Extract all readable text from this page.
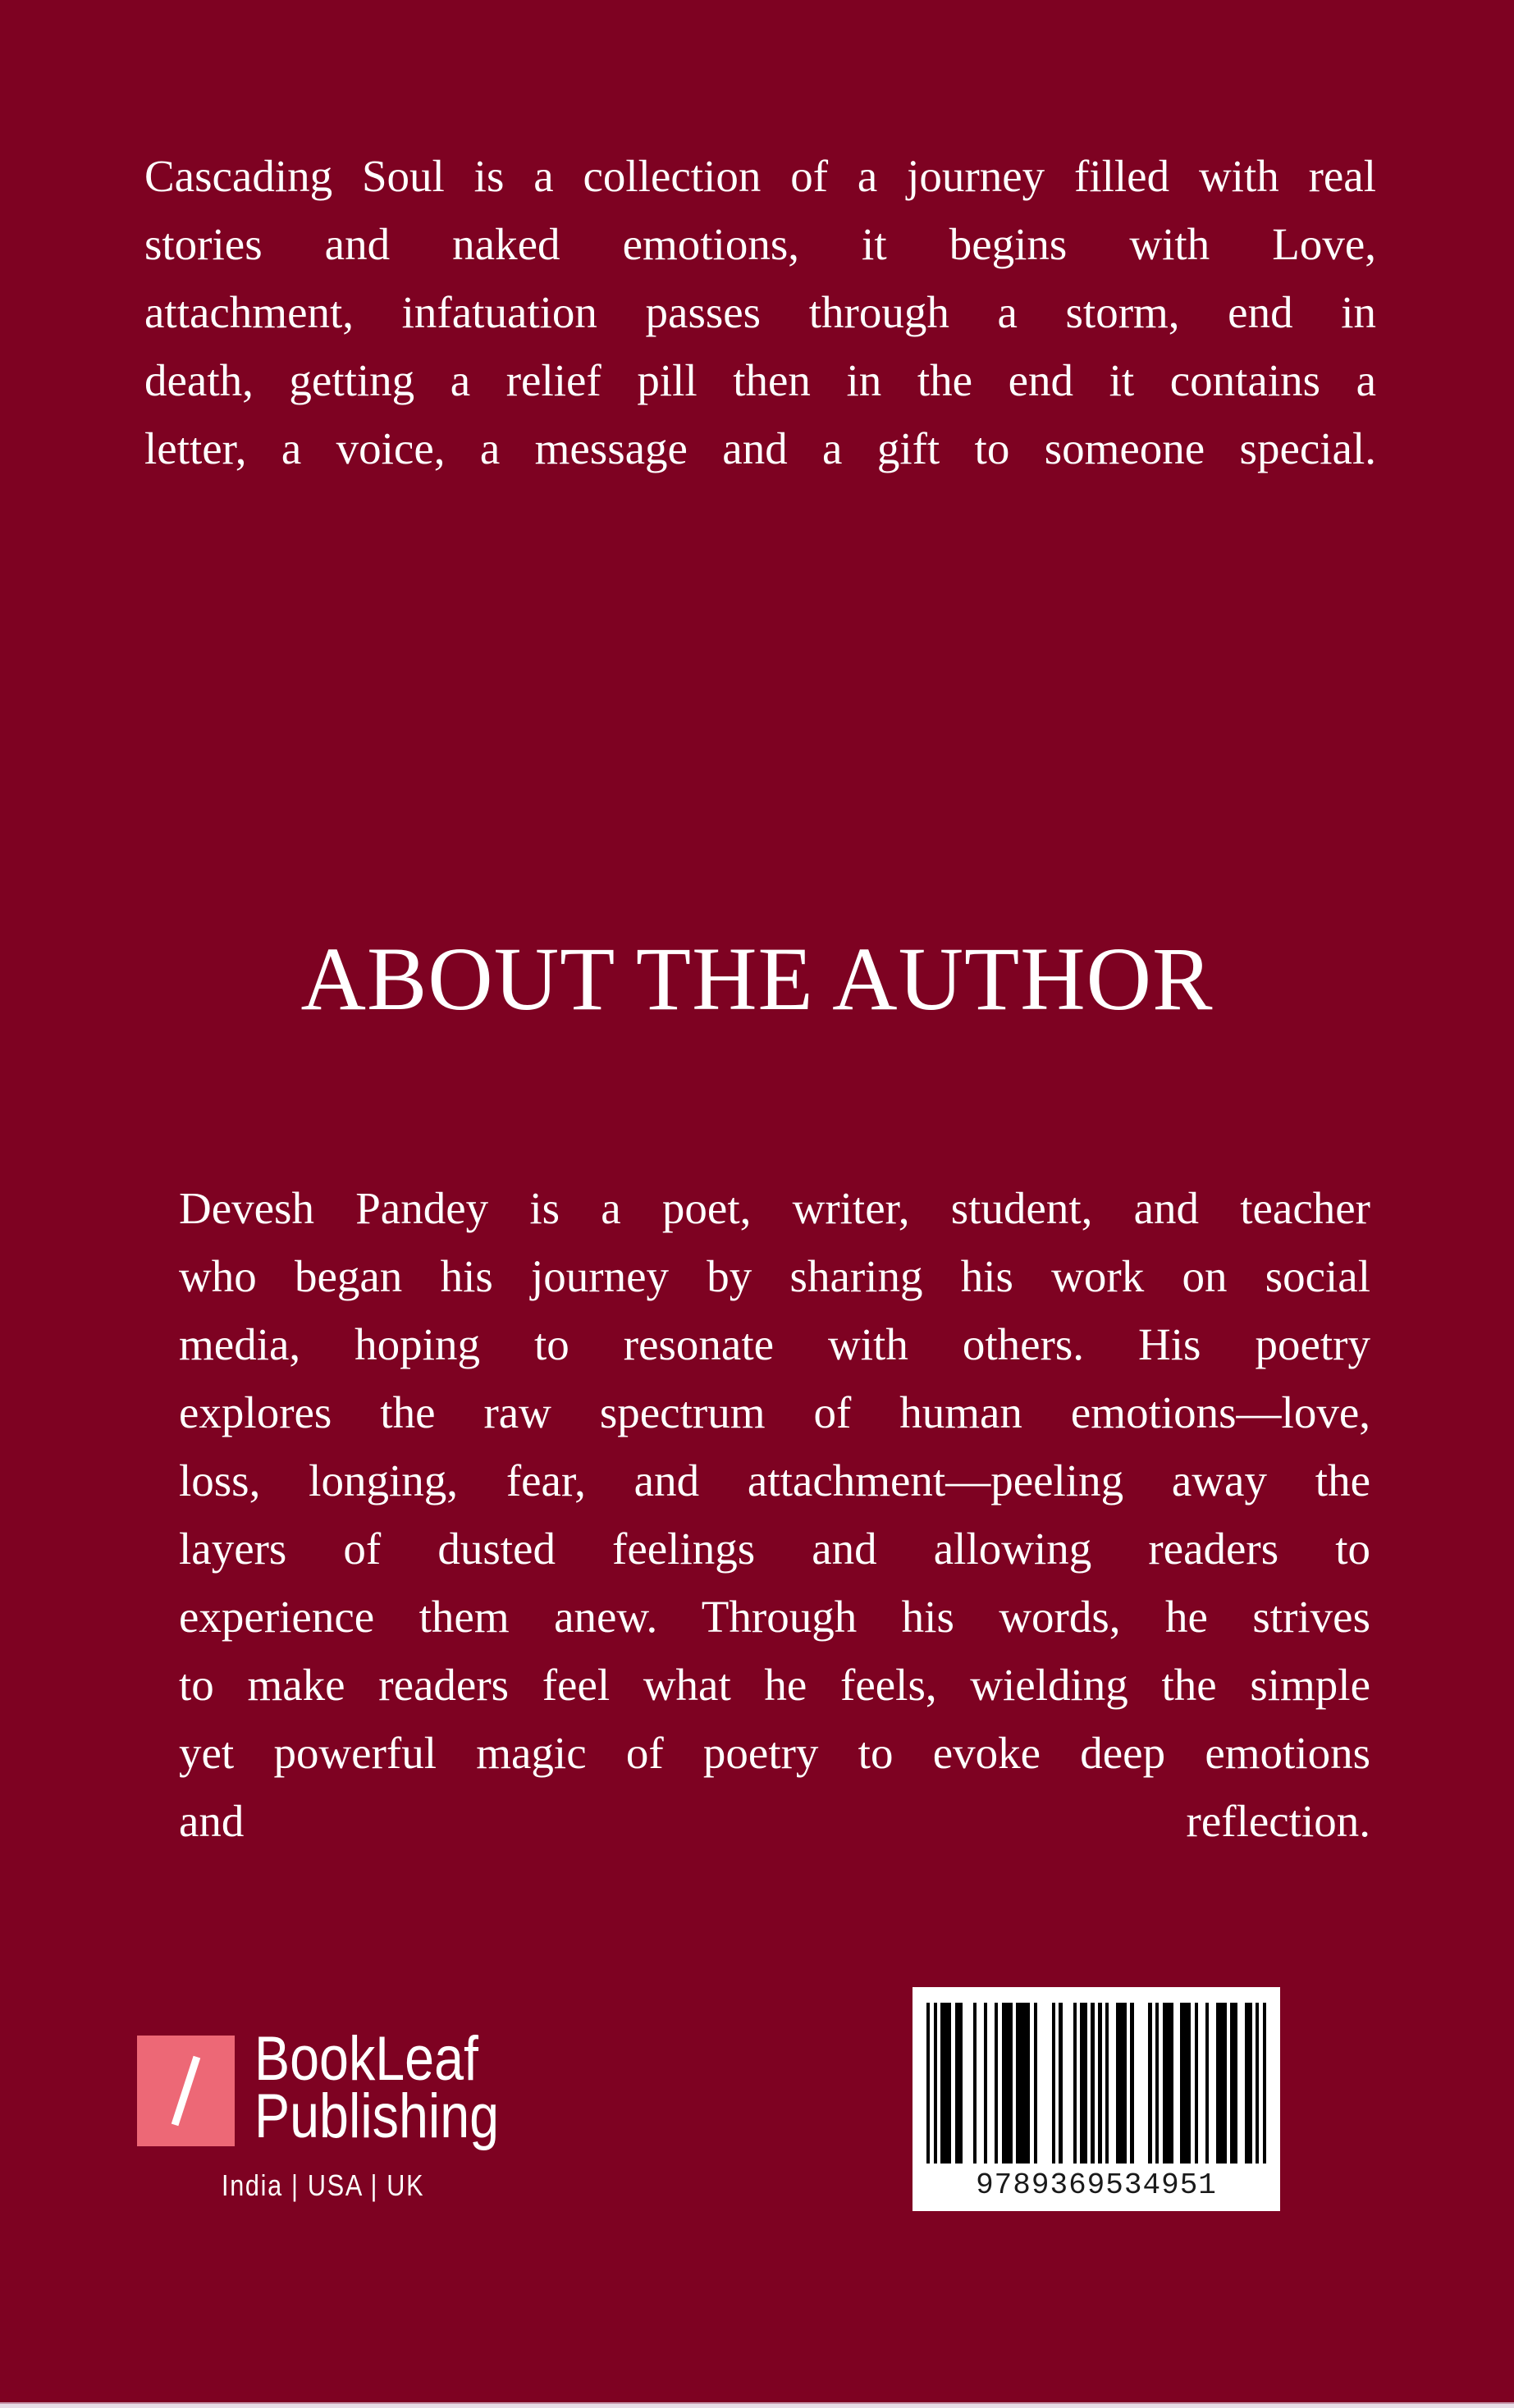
Cascading Soul is a collection of a journey filled with real
stories and naked emotions, it begins with Love,
attachment, infatuation passes through a storm, end in
death, getting a relief pill then in the end it contains a
letter, a voice, a message and a gift to someone special.
ABOUT THE AUTHOR
Devesh Pandey is a poet, writer, student, and teacher
who began his journey by sharing his work on social
media, hoping to resonate with others. His poetry
explores the raw spectrum of human emotions—love,
loss, longing, fear, and attachment—peeling away the
layers of dusted feelings and allowing readers to
experience them anew. Through his words, he strives
to make readers feel what he feels, wielding the simple
yet powerful magic of poetry to evoke deep emotions
and reflection.
BookLeaf
Publishing
India | USA | UK	9789369534951
